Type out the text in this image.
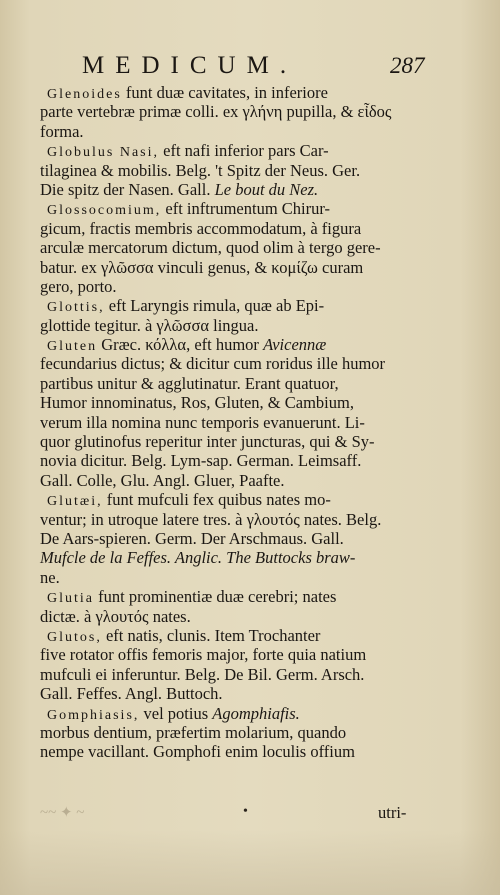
MEDICUM.	287
Glenoides funt duæ cavitates, in inferiore
parte vertebræ primæ colli. ex γλήνη pupilla, & εἶδος
forma.
Globulus Nasi, eft nafi inferior pars Car-
tilaginea & mobilis. Belg. 't Spitz der Neus. Ger.
Die spitz der Nasen. Gall. Le bout du Nez.
Glossocomium, eft inftrumentum Chirur-
gicum, fractis membris accommodatum, à figura
arculæ mercatorum dictum, quod olim à tergo gere-
batur. ex γλῶσσα vinculi genus, & κομίζω curam
gero, porto.
Glottis, eft Laryngis rimula, quæ ab Epi-
glottide tegitur. à γλῶσσα lingua.
Gluten Græc. κόλλα, eft humor Avicennæ
fecundarius dictus; & dicitur cum roridus ille humor
partibus unitur & agglutinatur. Erant quatuor,
Humor innominatus, Ros, Gluten, & Cambium,
verum illa nomina nunc temporis evanuerunt. Li-
quor glutinofus reperitur inter juncturas, qui & Sy-
novia dicitur. Belg. Lym-sap. German. Leimsaff.
Gall. Colle, Glu. Angl. Gluer, Paafte.
Glutæi, funt mufculi fex quibus nates mo-
ventur; in utroque latere tres. à γλουτός nates. Belg.
De Aars-spieren. Germ. Der Arschmaus. Gall.
Mufcle de la Feffes. Anglic. The Buttocks braw-
ne.
Glutia funt prominentiæ duæ cerebri; nates
dictæ. à γλουτός nates.
Glutos, eft natis, clunis. Item Trochanter
five rotator offis femoris major, forte quia natium
mufculi ei inferuntur. Belg. De Bil. Germ. Arsch.
Gall. Feffes. Angl. Buttoch.
Gomphiasis, vel potius Agomphiafis.
morbus dentium, præfertim molarium, quando
nempe vacillant. Gomphofi enim loculis offium
~~ ✦ ~	•	utri-
